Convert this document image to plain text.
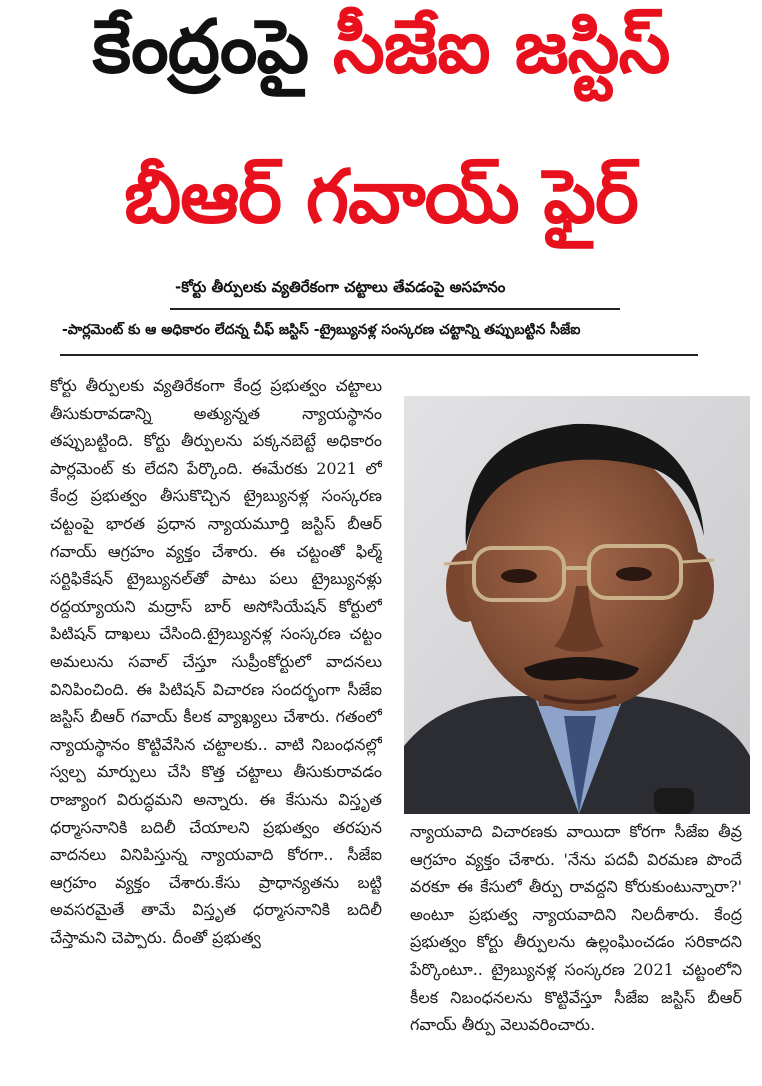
కేంద్రంపై సీజేఐ జస్టిస్
బీఆర్ గవాయ్ ఫైర్
-కోర్టు తీర్పులకు వ్యతిరేకంగా చట్టాలు తేవడంపై అసహనం
-పార్లమెంట్ కు ఆ అధికారం లేదన్న చీఫ్ జస్టిస్ -ట్రైబ్యునళ్ల సంస్కరణ చట్టాన్ని తప్పుబట్టిన సీజేఐ

కోర్టు తీర్పులకు వ్యతిరేకంగా కేంద్ర ప్రభుత్వం చట్టాలు తీసుకురావడాన్ని అత్యున్నత న్యాయస్థానం తప్పుబట్టింది. కోర్టు తీర్పులను పక్కనబెట్టే అధికారం పార్లమెంట్ కు లేదని పేర్కొంది. ఈమేరకు 2021 లో కేంద్ర ప్రభుత్వం తీసుకొచ్చిన ట్రైబ్యునళ్ల సంస్కరణ చట్టంపై భారత ప్రధాన న్యాయమూర్తి జస్టిస్ బీఆర్ గవాయ్ ఆగ్రహం వ్యక్తం చేశారు. ఈ చట్టంతో ఫిల్మ్ సర్టిఫికేషన్ ట్రైబ్యునల్‌తో పాటు పలు ట్రైబ్యునళ్లు రద్దయ్యాయని మద్రాస్ బార్ అసోసియేషన్ కోర్టులో పిటిషన్ దాఖలు చేసింది.ట్రైబ్యునళ్ల సంస్కరణ చట్టం అమలును సవాల్ చేస్తూ సుప్రీంకోర్టులో వాదనలు వినిపించింది. ఈ పిటిషన్ విచారణ సందర్భంగా సీజేఐ జస్టిస్ బీఆర్ గవాయ్ కీలక వ్యాఖ్యలు చేశారు. గతంలో న్యాయస్థానం కొట్టివేసిన చట్టాలకు.. వాటి నిబంధనల్లో స్వల్ప మార్పులు చేసి కొత్త చట్టాలు తీసుకురావడం రాజ్యాంగ విరుద్ధమని అన్నారు. ఈ కేసును విస్తృత ధర్మాసనానికి బదిలీ చేయాలని ప్రభుత్వం తరపున వాదనలు వినిపిస్తున్న న్యాయవాది కోరగా.. సీజేఐ ఆగ్రహం వ్యక్తం చేశారు.కేసు ప్రాధాన్యతను బట్టి అవసరమైతే తామే విస్తృత ధర్మాసనానికి బదిలీ చేస్తామని చెప్పారు. దీంతో ప్రభుత్వ

న్యాయవాది విచారణకు వాయిదా కోరగా సీజేఐ తీవ్ర ఆగ్రహం వ్యక్తం చేశారు. 'నేను పదవీ విరమణ పొందే వరకూ ఈ కేసులో తీర్పు రావద్దని కోరుకుంటున్నారా?' అంటూ ప్రభుత్వ న్యాయవాదిని నిలదీశారు. కేంద్ర ప్రభుత్వం కోర్టు తీర్పులను ఉల్లంఘించడం సరికాదని పేర్కొంటూ.. ట్రైబ్యునళ్ల సంస్కరణ 2021 చట్టంలోని కీలక నిబంధనలను కొట్టివేస్తూ సీజేఐ జస్టిస్ బీఆర్ గవాయ్ తీర్పు వెలువరించారు.
